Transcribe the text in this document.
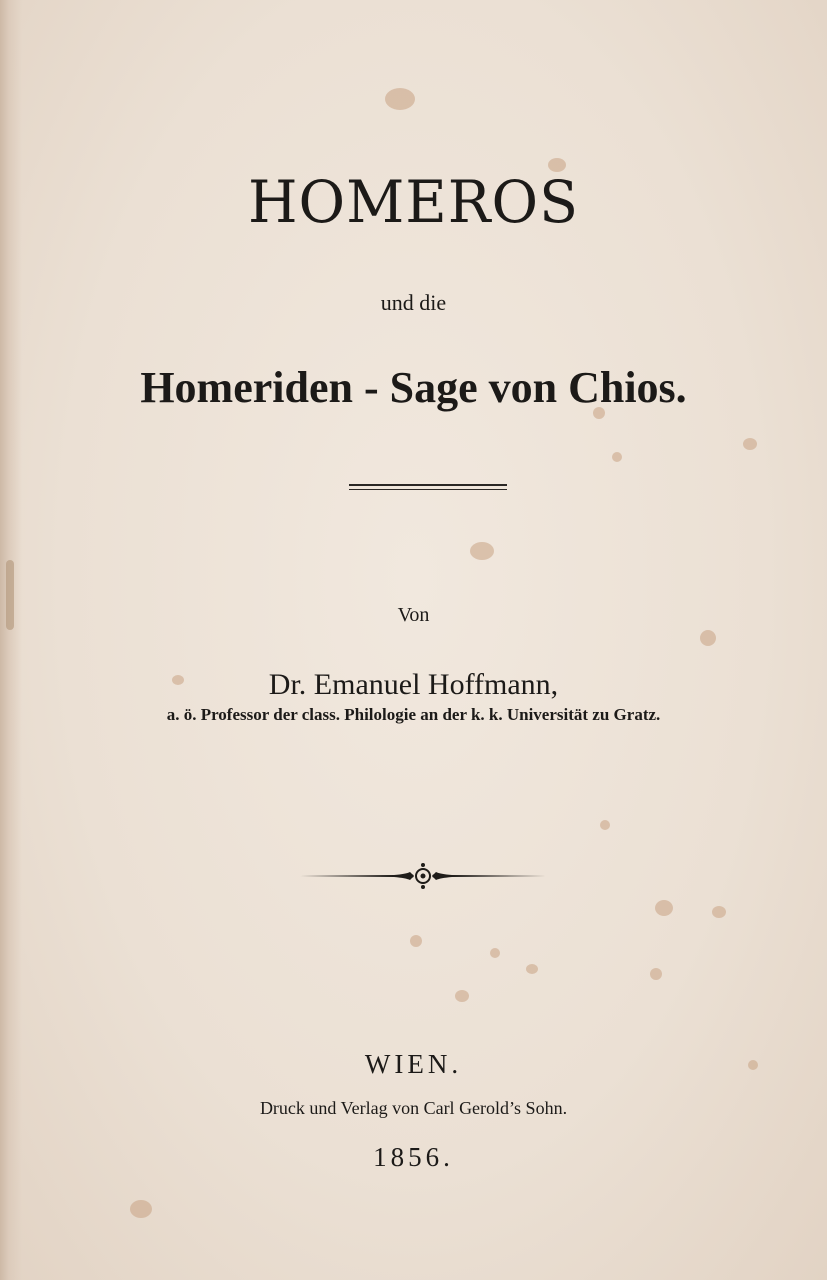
HOMEROS
und die
Homeriden - Sage von Chios.
Von
Dr. Emanuel Hoffmann,
a. ö. Professor der class. Philologie an der k. k. Universität zu Gratz.
WIEN.
Druck und Verlag von Carl Gerold’s Sohn.
1856.
